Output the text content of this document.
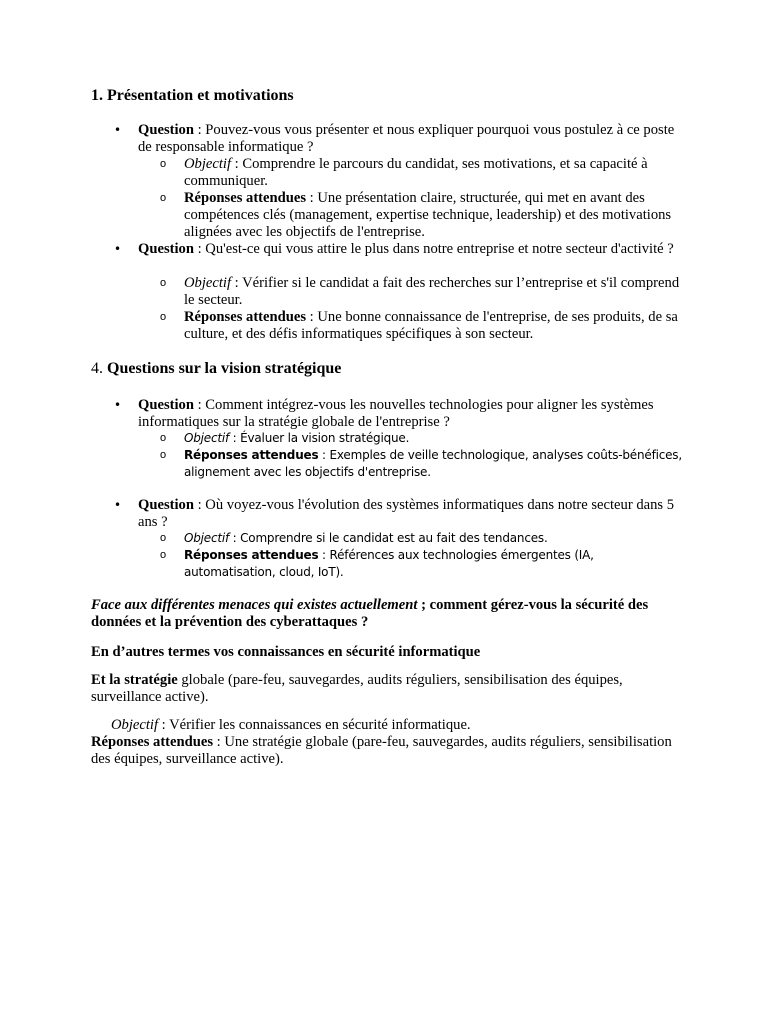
1. Présentation et motivations

• Question : Pouvez-vous vous présenter et nous expliquer pourquoi vous postulez à ce poste de responsable informatique ?

o Objectif : Comprendre le parcours du candidat, ses motivations, et sa capacité à communiquer.

o Réponses attendues : Une présentation claire, structurée, qui met en avant des compétences clés (management, expertise technique, leadership) et des motivations alignées avec les objectifs de l'entreprise.

• Question : Qu'est-ce qui vous attire le plus dans notre entreprise et notre secteur d'activité ?

o Objectif : Vérifier si le candidat a fait des recherches sur l’entreprise et s'il comprend le secteur.

o Réponses attendues : Une bonne connaissance de l'entreprise, de ses produits, de sa culture, et des défis informatiques spécifiques à son secteur.

4. Questions sur la vision stratégique

• Question : Comment intégrez-vous les nouvelles technologies pour aligner les systèmes informatiques sur la stratégie globale de l'entreprise ?

o Objectif : Évaluer la vision stratégique.

o Réponses attendues : Exemples de veille technologique, analyses coûts-bénéfices, alignement avec les objectifs d'entreprise.

• Question : Où voyez-vous l'évolution des systèmes informatiques dans notre secteur dans 5 ans ?

o Objectif : Comprendre si le candidat est au fait des tendances.

o Réponses attendues : Références aux technologies émergentes (IA, automatisation, cloud, IoT).

Face aux différentes menaces qui existes actuellement ; comment gérez-vous la sécurité des données et la prévention des cyberattaques ?

En d’autres termes vos connaissances en sécurité informatique

Et la stratégie globale (pare-feu, sauvegardes, audits réguliers, sensibilisation des équipes, surveillance active).

Objectif : Vérifier les connaissances en sécurité informatique.
Réponses attendues : Une stratégie globale (pare-feu, sauvegardes, audits réguliers, sensibilisation des équipes, surveillance active).
